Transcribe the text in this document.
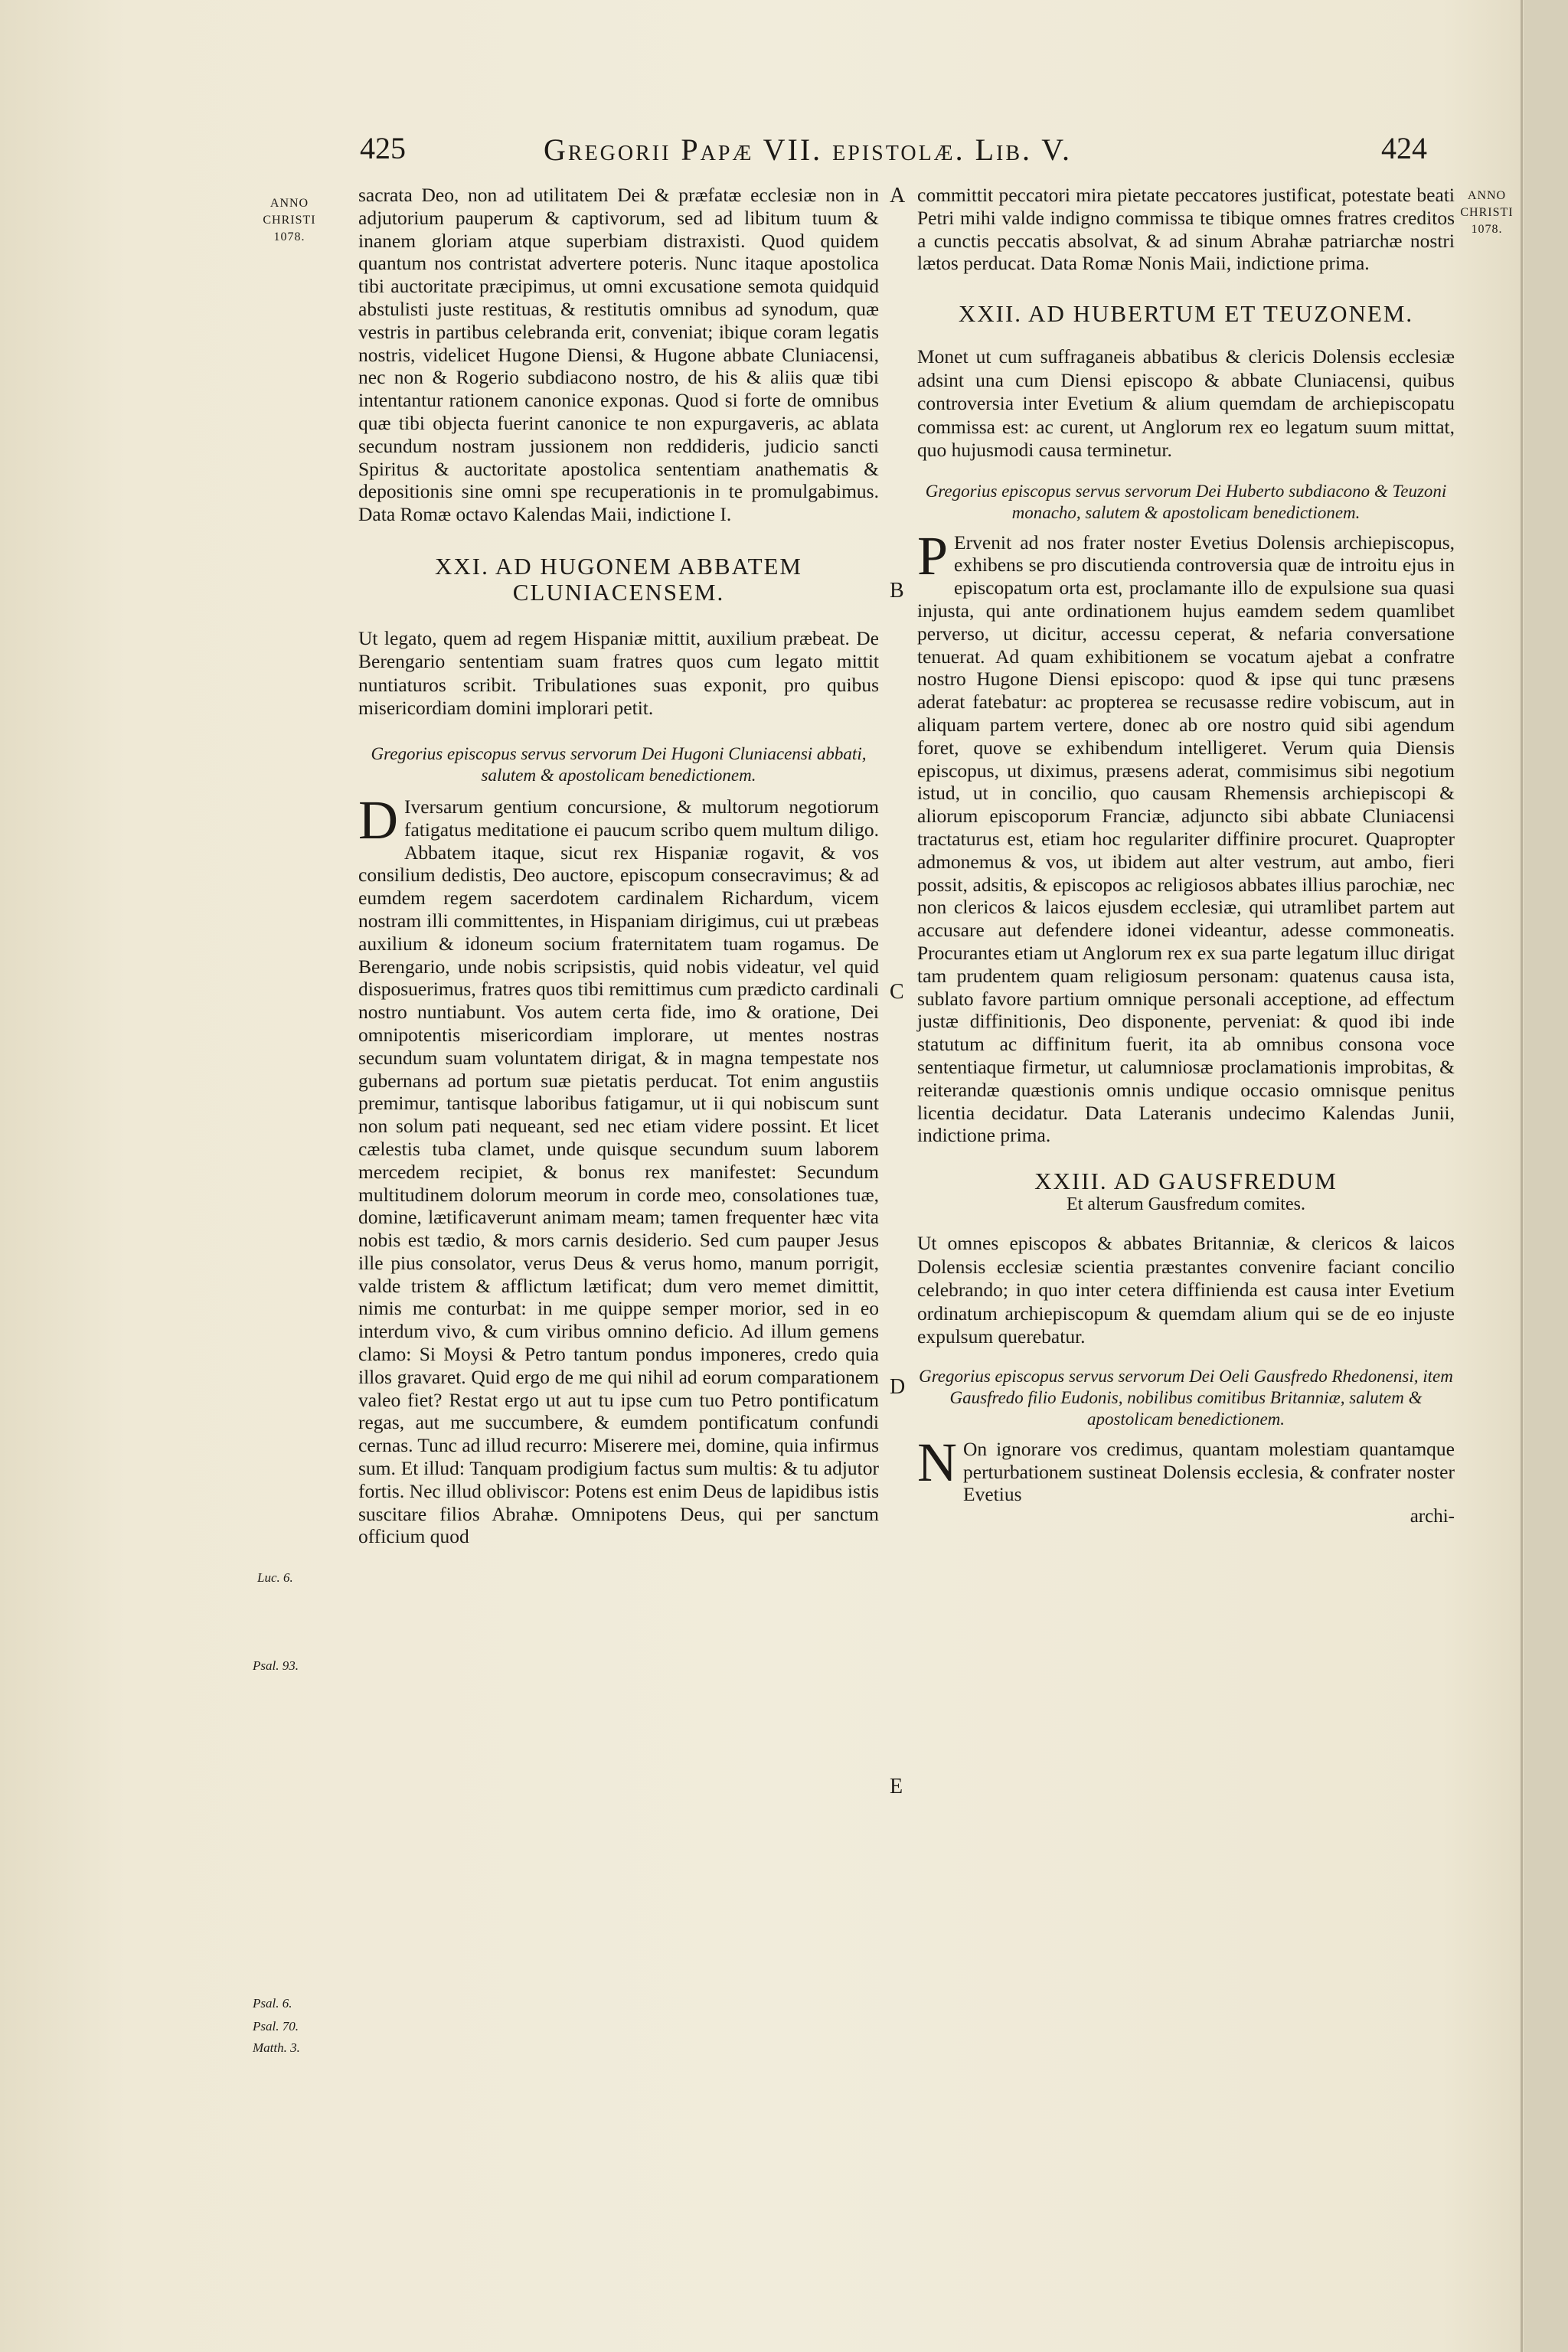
425	Gregorii Papæ VII. epistolæ. Lib. V.	424
ANNO
CHRISTI
1078.
Luc. 6.
Psal. 93.
Psal. 6.
Psal. 70.
Matth. 3.
ANNO
CHRISTI
1078.
A
B
C
D
E

sacrata Deo, non ad utilitatem Dei & præfatæ ecclesiæ non in adjutorium pauperum & captivorum, sed ad libitum tuum & inanem gloriam atque superbiam distraxisti. Quod quidem quantum nos contristat advertere poteris. Nunc itaque apostolica tibi auctoritate præcipimus, ut omni excusatione semota quidquid abstulisti juste restituas, & restitutis omnibus ad synodum, quæ vestris in partibus celebranda erit, conveniat; ibique coram legatis nostris, videlicet Hugone Diensi, & Hugone abbate Cluniacensi, nec non & Rogerio subdiacono nostro, de his & aliis quæ tibi intentantur rationem canonice exponas. Quod si forte de omnibus quæ tibi objecta fuerint canonice te non expurgaveris, ac ablata secundum nostram jussionem non reddideris, judicio sancti Spiritus & auctoritate apostolica sententiam anathematis & depositionis sine omni spe recuperationis in te promulgabimus. Data Romæ octavo Kalendas Maii, indictione I.

XXI. AD HUGONEM ABBATEM CLUNIACENSEM.

Ut legato, quem ad regem Hispaniæ mittit, auxilium præbeat. De Berengario sententiam suam fratres quos cum legato mittit nuntiaturos scribit. Tribulationes suas exponit, pro quibus misericordiam domini implorari petit.

Gregorius episcopus servus servorum Dei Hugoni Cluniacensi abbati, salutem & apostolicam benedictionem.

D Iversarum gentium concursione, & multorum negotiorum fatigatus meditatione ei paucum scribo quem multum diligo. Abbatem itaque, sicut rex Hispaniæ rogavit, & vos consilium dedistis, Deo auctore, episcopum consecravimus; & ad eumdem regem sacerdotem cardinalem Richardum, vicem nostram illi committentes, in Hispaniam dirigimus, cui ut præbeas auxilium & idoneum socium fraternitatem tuam rogamus. De Berengario, unde nobis scripsistis, quid nobis videatur, vel quid disposuerimus, fratres quos tibi remittimus cum prædicto cardinali nostro nuntiabunt. Vos autem certa fide, imo & oratione, Dei omnipotentis misericordiam implorare, ut mentes nostras secundum suam voluntatem dirigat, & in magna tempestate nos gubernans ad portum suæ pietatis perducat. Tot enim angustiis premimur, tantisque laboribus fatigamur, ut ii qui nobiscum sunt non solum pati nequeant, sed nec etiam videre possint. Et licet cælestis tuba clamet, unde quisque secundum suum laborem mercedem recipiet, & bonus rex manifestet: Secundum multitudinem dolorum meorum in corde meo, consolationes tuæ, domine, lætificaverunt animam meam; tamen frequenter hæc vita nobis est tædio, & mors carnis desiderio. Sed cum pauper Jesus ille pius consolator, verus Deus & verus homo, manum porrigit, valde tristem & afflictum lætificat; dum vero memet dimittit, nimis me conturbat: in me quippe semper morior, sed in eo interdum vivo, & cum viribus omnino deficio. Ad illum gemens clamo: Si Moysi & Petro tantum pondus imponeres, credo quia illos gravaret. Quid ergo de me qui nihil ad eorum comparationem valeo fiet? Restat ergo ut aut tu ipse cum tuo Petro pontificatum regas, aut me succumbere, & eumdem pontificatum confundi cernas. Tunc ad illud recurro: Miserere mei, domine, quia infirmus sum. Et illud: Tanquam prodigium factus sum multis: & tu adjutor fortis. Nec illud obliviscor: Potens est enim Deus de lapidibus istis suscitare filios Abrahæ. Omnipotens Deus, qui per sanctum officium quod

committit peccatori mira pietate peccatores justificat, potestate beati Petri mihi valde indigno commissa te tibique omnes fratres creditos a cunctis peccatis absolvat, & ad sinum Abrahæ patriarchæ nostri lætos perducat. Data Romæ Nonis Maii, indictione prima.

XXII. AD HUBERTUM ET TEUZONEM.

Monet ut cum suffraganeis abbatibus & clericis Dolensis ecclesiæ adsint una cum Diensi episcopo & abbate Cluniacensi, quibus controversia inter Evetium & alium quemdam de archiepiscopatu commissa est: ac curent, ut Anglorum rex eo legatum suum mittat, quo hujusmodi causa terminetur.

Gregorius episcopus servus servorum Dei Huberto subdiacono & Teuzoni monacho, salutem & apostolicam benedictionem.

P Ervenit ad nos frater noster Evetius Dolensis archiepiscopus, exhibens se pro discutienda controversia quæ de introitu ejus in episcopatum orta est, proclamante illo de expulsione sua quasi injusta, qui ante ordinationem hujus eamdem sedem quamlibet perverso, ut dicitur, accessu ceperat, & nefaria conversatione tenuerat. Ad quam exhibitionem se vocatum ajebat a confratre nostro Hugone Diensi episcopo: quod & ipse qui tunc præsens aderat fatebatur: ac propterea se recusasse redire vobiscum, aut in aliquam partem vertere, donec ab ore nostro quid sibi agendum foret, quove se exhibendum intelligeret. Verum quia Diensis episcopus, ut diximus, præsens aderat, commisimus sibi negotium istud, ut in concilio, quo causam Rhemensis archiepiscopi & aliorum episcoporum Franciæ, adjuncto sibi abbate Cluniacensi tractaturus est, etiam hoc regulariter diffinire procuret. Quapropter admonemus & vos, ut ibidem aut alter vestrum, aut ambo, fieri possit, adsitis, & episcopos ac religiosos abbates illius parochiæ, nec non clericos & laicos ejusdem ecclesiæ, qui utramlibet partem aut accusare aut defendere idonei videantur, adesse commoneatis. Procurantes etiam ut Anglorum rex ex sua parte legatum illuc dirigat tam prudentem quam religiosum personam: quatenus causa ista, sublato favore partium omnique personali acceptione, ad effectum justæ diffinitionis, Deo disponente, perveniat: & quod ibi inde statutum ac diffinitum fuerit, ita ab omnibus consona voce sententiaque firmetur, ut calumniosæ proclamationis improbitas, & reiterandæ quæstionis omnis undique occasio omnisque penitus licentia decidatur. Data Lateranis undecimo Kalendas Junii, indictione prima.

XXIII. AD GAUSFREDUM

Et alterum Gausfredum comites.

Ut omnes episcopos & abbates Britanniæ, & clericos & laicos Dolensis ecclesiæ scientia præstantes convenire faciant concilio celebrando; in quo inter cetera diffinienda est causa inter Evetium ordinatum archiepiscopum & quemdam alium qui se de eo injuste expulsum querebatur.

Gregorius episcopus servus servorum Dei Oeli Gausfredo Rhedonensi, item Gausfredo filio Eudonis, nobilibus comitibus Britanniæ, salutem & apostolicam benedictionem.

N On ignorare vos credimus, quantam molestiam quantamque perturbationem sustineat Dolensis ecclesia, & confrater noster Evetius

archi-
